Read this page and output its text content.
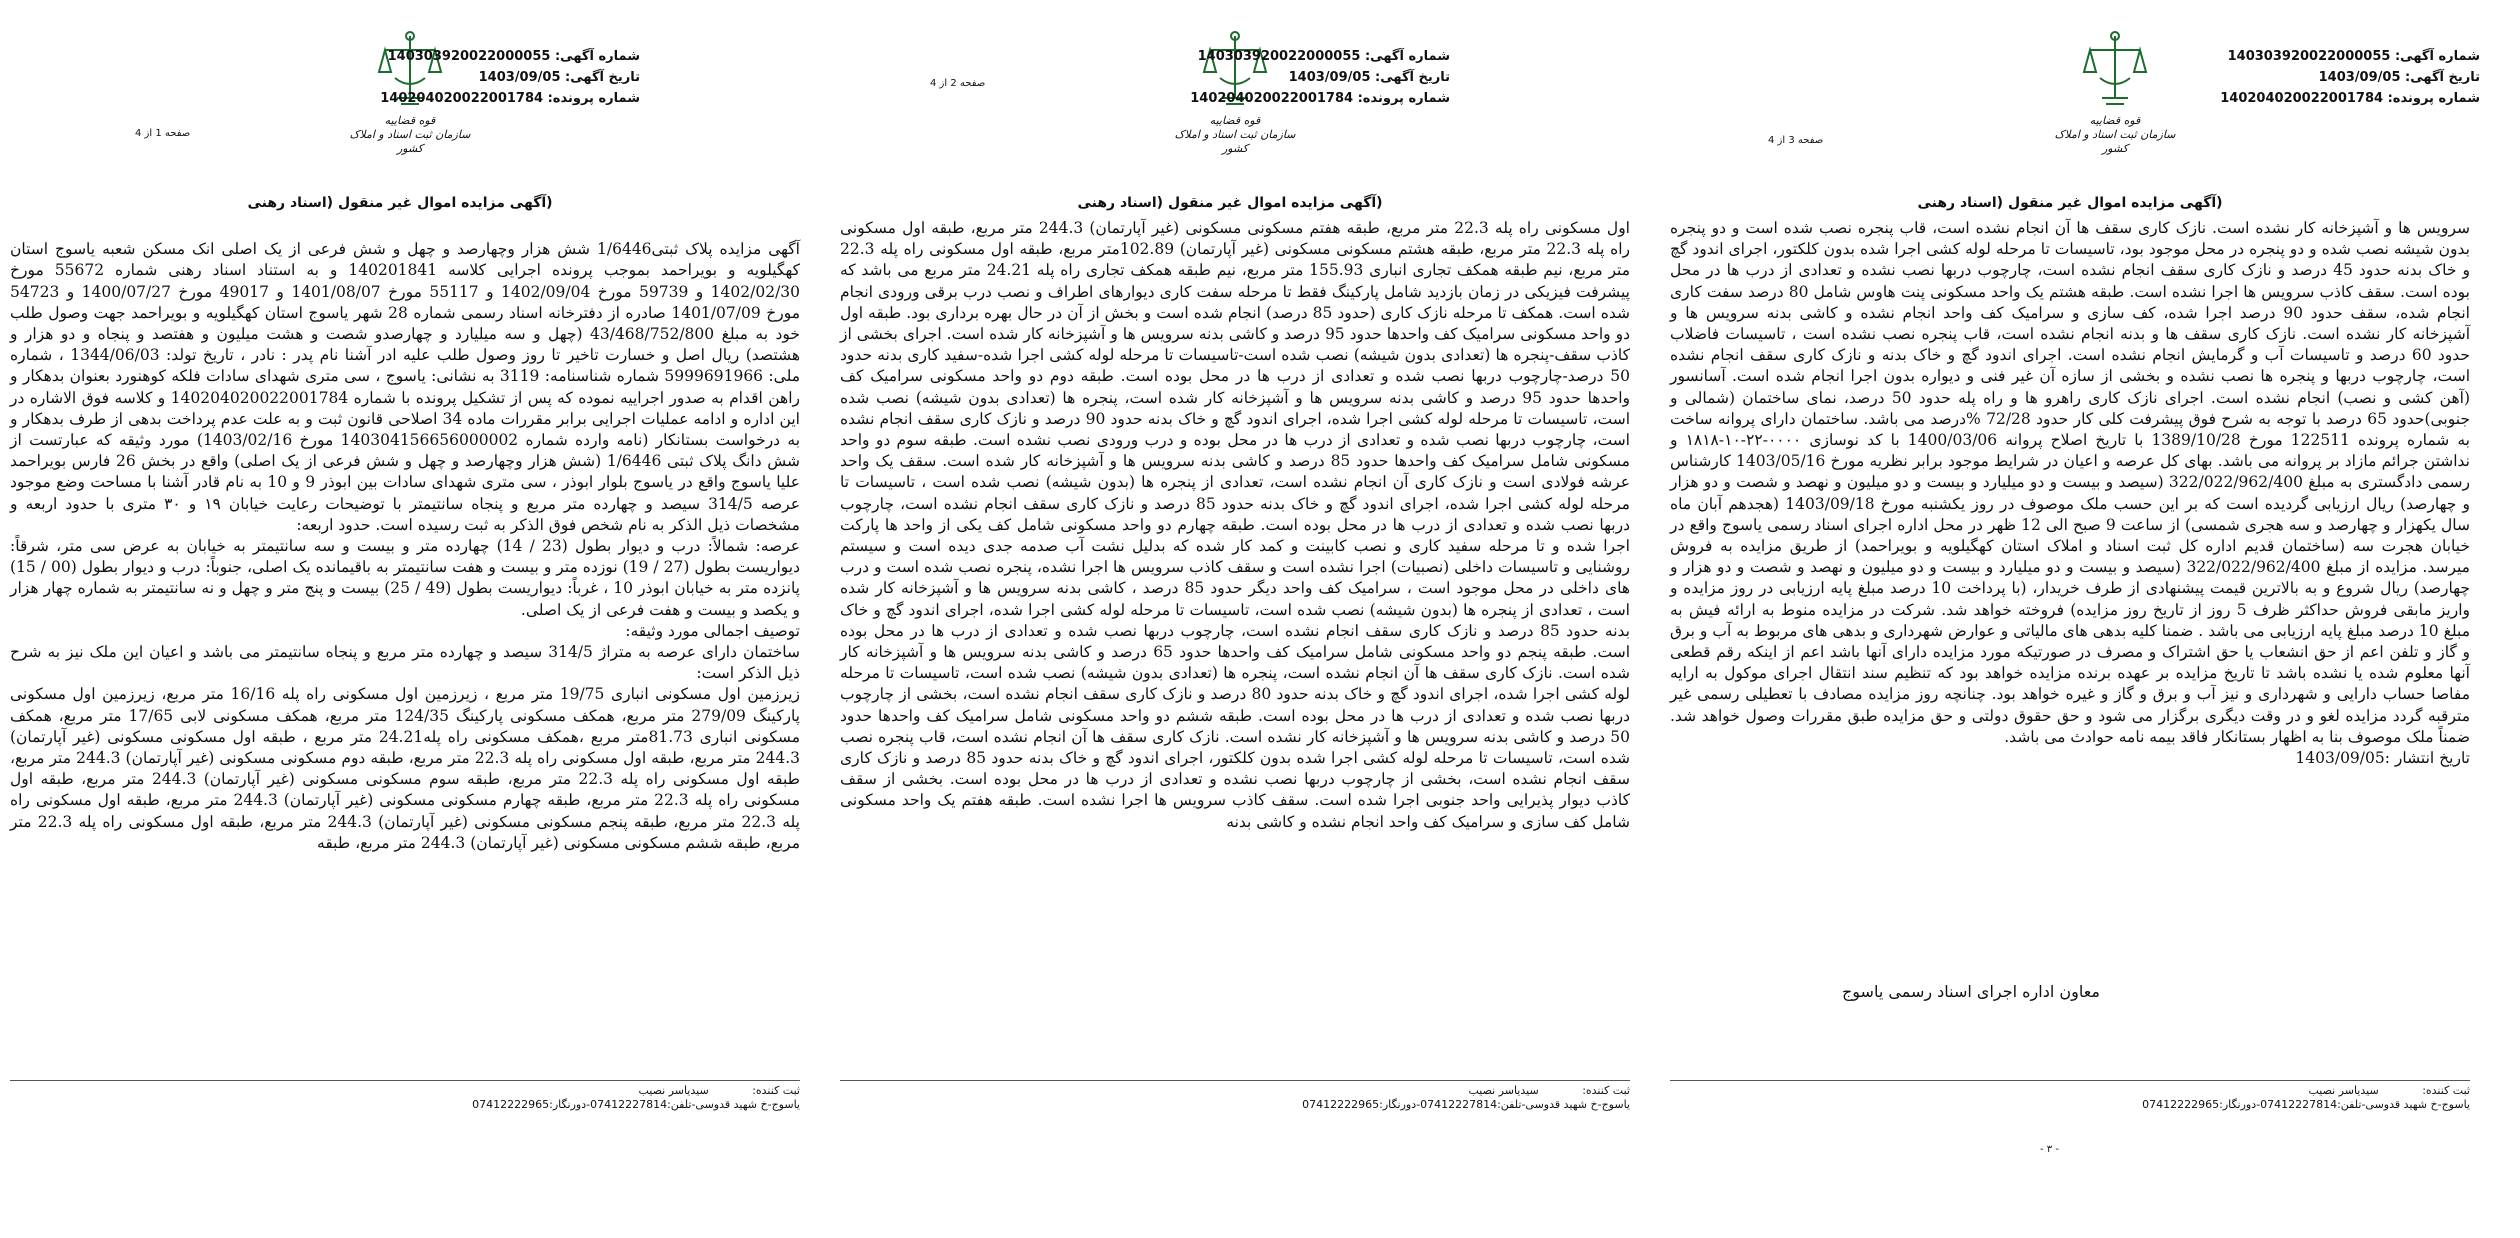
قوه قضاییه
سازمان ثبت اسناد و املاک کشور
شماره آگهی: 140303920022000055
تاریخ آگهی: 1403/09/05
شماره پرونده: 140204020022001784
صفحه 3 از 4
(آگهی مزایده اموال غیر منقول (اسناد رهنی

سرویس ها و آشپزخانه کار نشده است. نازک کاری سقف ها آن انجام نشده است، قاب پنجره نصب شده است و دو پنجره بدون شیشه نصب شده و دو پنجره در محل موجود بود، تاسیسات تا مرحله لوله کشی اجرا شده بدون کلکتور، اجرای اندود گچ و خاک بدنه حدود 45 درصد و نازک کاری سقف انجام نشده است، چارچوب دربها نصب نشده و تعدادی از درب ها در محل بوده است. سقف کاذب سرویس ها اجرا نشده است. طبقه هشتم یک واحد مسکونی پنت هاوس شامل 80 درصد سفت کاری انجام شده، سقف حدود 90 درصد اجرا شده، کف سازی و سرامیک کف واحد انجام نشده و کاشی بدنه سرویس ها و آشپزخانه کار نشده است. نازک کاری سقف ها و بدنه انجام نشده است، قاب پنجره نصب نشده است ، تاسیسات فاضلاب حدود 60 درصد و تاسیسات آب و گرمایش انجام نشده است. اجرای اندود گچ و خاک بدنه و نازک کاری سقف انجام نشده است، چارچوب دربها و پنجره ها نصب نشده و بخشی از سازه آن غیر فنی و دیواره بدون اجرا انجام شده است. آسانسور (آهن کشی و نصب) انجام نشده است. اجرای نازک کاری راهرو ها و راه پله حدود 50 درصد، نمای ساختمان (شمالی و جنوبی)حدود 65 درصد با توجه به شرح فوق پیشرفت کلی کار حدود 72/28 %درصد می باشد. ساختمان دارای پروانه ساخت به شماره پرونده 122511 مورخ 1389/10/28 با تاریخ اصلاح پروانه 1400/03/06 با کد نوسازی ۰۰۰۰-۲۲-۱۰-۱۸۱۸ و نداشتن جرائم مازاد بر پروانه می باشد. بهای کل عرصه و اعیان در شرایط موجود برابر نظریه مورخ 1403/05/16 کارشناس رسمی دادگستری به مبلغ 322/022/962/400 (سیصد و بیست و دو میلیارد و بیست و دو میلیون و نهصد و شصت و دو هزار و چهارصد) ریال ارزیابی گردیده است که بر این حسب ملک موصوف در روز یکشنبه مورخ 1403/09/18 (هجدهم آبان ماه سال یکهزار و چهارصد و سه هجری شمسی) از ساعت 9 صبح الی 12 ظهر در محل اداره اجرای اسناد رسمی یاسوج واقع در خیابان هجرت سه (ساختمان قدیم اداره کل ثبت اسناد و املاک استان کهگیلویه و بویراحمد) از طریق مزایده به فروش میرسد. مزایده از مبلغ 322/022/962/400 (سیصد و بیست و دو میلیارد و بیست و دو میلیون و نهصد و شصت و دو هزار و چهارصد) ریال شروع و به بالاترین قیمت پیشنهادی از طرف خریدار، (با پرداخت 10 درصد مبلغ پایه ارزیابی در روز مزایده و واریز مابقی فروش حداکثر ظرف 5 روز از تاریخ روز مزایده) فروخته خواهد شد. شرکت در مزایده منوط به ارائه فیش به مبلغ 10 درصد مبلغ پایه ارزیابی می باشد . ضمنا کلیه بدهی های مالیاتی و عوارض شهرداری و بدهی های مربوط به آب و برق و گاز و تلفن اعم از حق انشعاب یا حق اشتراک و مصرف در صورتیکه مورد مزایده دارای آنها باشد اعم از اینکه رقم قطعی آنها معلوم شده یا نشده باشد تا تاریخ مزایده بر عهده برنده مزایده خواهد بود که تنظیم سند انتقال اجرای موکول به ارایه مفاصا حساب دارایی و شهرداری و نیز آب و برق و گاز و غیره خواهد بود. چنانچه روز مزایده مصادف با تعطیلی رسمی غیر مترقبه گردد مزایده لغو و در وقت دیگری برگزار می شود و حق حقوق دولتی و حق مزایده طبق مقررات وصول خواهد شد. ضمناً ملک موصوف بنا به اظهار بستانکار فاقد بیمه نامه حوادث می باشد.

تاریخ انتشار :1403/09/05

معاون اداره اجرای اسناد رسمی یاسوج
ثبت کننده: سیدیاسر نصیب
یاسوج-خ شهید قدوسی-تلفن:07412227814-دورنگار:07412222965
- ۳ -
قوه قضاییه
سازمان ثبت اسناد و املاک کشور
شماره آگهی: 140303920022000055
تاریخ آگهی: 1403/09/05
شماره پرونده: 140204020022001784
صفحه 2 از 4
(آگهی مزایده اموال غیر منقول (اسناد رهنی

اول مسکونی راه پله 22.3 متر مربع، طبقه هفتم مسکونی مسکونی (غیر آپارتمان) 244.3 متر مربع، طبقه اول مسکونی راه پله 22.3 متر مربع، طبقه هشتم مسکونی مسکونی (غیر آپارتمان) 102.89متر مربع، طبقه اول مسکونی راه پله 22.3 متر مربع، نیم طبقه همکف تجاری انباری 155.93 متر مربع، نیم طبقه همکف تجاری راه پله 24.21 متر مربع می باشد که پیشرفت فیزیکی در زمان بازدید شامل پارکینگ فقط تا مرحله سفت کاری دیوارهای اطراف و نصب درب برقی ورودی انجام شده است. همکف تا مرحله نازک کاری (حدود 85 درصد) انجام شده است و بخش از آن در حال بهره برداری بود. طبقه اول دو واحد مسکونی سرامیک کف واحدها حدود 95 درصد و کاشی بدنه سرویس ها و آشپزخانه کار شده است. اجرای بخشی از کاذب سقف-پنجره ها (تعدادی بدون شیشه) نصب شده است-تاسیسات تا مرحله لوله کشی اجرا شده-سفید کاری بدنه حدود 50 درصد-چارچوب دربها نصب شده و تعدادی از درب ها در محل بوده است. طبقه دوم دو واحد مسکونی سرامیک کف واحدها حدود 95 درصد و کاشی بدنه سرویس ها و آشپزخانه کار شده است، پنجره ها (تعدادی بدون شیشه) نصب شده است، تاسیسات تا مرحله لوله کشی اجرا شده، اجرای اندود گچ و خاک بدنه حدود 90 درصد و نازک کاری سقف انجام نشده است، چارچوب دربها نصب شده و تعدادی از درب ها در محل بوده و درب ورودی نصب نشده است. طبقه سوم دو واحد مسکونی شامل سرامیک کف واحدها حدود 85 درصد و کاشی بدنه سرویس ها و آشپزخانه کار شده است. سقف یک واحد عرشه فولادی است و نازک کاری آن انجام نشده است، تعدادی از پنجره ها (بدون شیشه) نصب شده است ، تاسیسات تا مرحله لوله کشی اجرا شده، اجرای اندود گچ و خاک بدنه حدود 85 درصد و نازک کاری سقف انجام نشده است، چارچوب دربها نصب شده و تعدادی از درب ها در محل بوده است. طبقه چهارم دو واحد مسکونی شامل کف یکی از واحد ها پارکت اجرا شده و تا مرحله سفید کاری و نصب کابینت و کمد کار شده که بدلیل نشت آب صدمه جدی دیده است و سیستم روشنایی و تاسیسات داخلی (نصبیات) اجرا نشده است و سقف کاذب سرویس ها اجرا نشده، پنجره نصب شده است و درب های داخلی در محل موجود است ، سرامیک کف واحد دیگر حدود 85 درصد ، کاشی بدنه سرویس ها و آشپزخانه کار شده است ، تعدادی از پنجره ها (بدون شیشه) نصب شده است، تاسیسات تا مرحله لوله کشی اجرا شده، اجرای اندود گچ و خاک بدنه حدود 85 درصد و نازک کاری سقف انجام نشده است، چارچوب دربها نصب شده و تعدادی از درب ها در محل بوده است. طبقه پنجم دو واحد مسکونی شامل سرامیک کف واحدها حدود 65 درصد و کاشی بدنه سرویس ها و آشپزخانه کار شده است. نازک کاری سقف ها آن انجام نشده است، پنجره ها (تعدادی بدون شیشه) نصب شده است، تاسیسات تا مرحله لوله کشی اجرا شده، اجرای اندود گچ و خاک بدنه حدود 80 درصد و نازک کاری سقف انجام نشده است، بخشی از چارچوب دربها نصب شده و تعدادی از درب ها در محل بوده است. طبقه ششم دو واحد مسکونی شامل سرامیک کف واحدها حدود 50 درصد و کاشی بدنه سرویس ها و آشپزخانه کار نشده است. نازک کاری سقف ها آن انجام نشده است، قاب پنجره نصب شده است، تاسیسات تا مرحله لوله کشی اجرا شده بدون کلکتور، اجرای اندود گچ و خاک بدنه حدود 85 درصد و نازک کاری سقف انجام نشده است، بخشی از چارچوب دربها نصب نشده و تعدادی از درب ها در محل بوده است. بخشی از سقف کاذب دیوار پذیرایی واحد جنوبی اجرا شده است. سقف کاذب سرویس ها اجرا نشده است. طبقه هفتم یک واحد مسکونی شامل کف سازی و سرامیک کف واحد انجام نشده و کاشی بدنه

ثبت کننده: سیدیاسر نصیب
یاسوج-خ شهید قدوسی-تلفن:07412227814-دورنگار:07412222965
قوه قضاییه
سازمان ثبت اسناد و املاک کشور
شماره آگهی: 140303920022000055
تاریخ آگهی: 1403/09/05
شماره پرونده: 140204020022001784
صفحه 1 از 4
(آگهی مزایده اموال غیر منقول (اسناد رهنی

آگهی مزایده پلاک ثبتی1/6446 شش هزار وچهارصد و چهل و شش فرعی از یک اصلی انک مسکن شعبه یاسوج استان کهگیلویه و بویراحمد بموجب پرونده اجرایی کلاسه 140201841 و به استناد اسناد رهنی شماره 55672 مورخ 1402/02/30 و 59739 مورخ 1402/09/04 و 55117 مورخ 1401/08/07 و 49017 مورخ 1400/07/27 و 54723 مورخ 1401/07/09 صادره از دفترخانه اسناد رسمی شماره 28 شهر یاسوج استان کهگیلویه و بویراحمد جهت وصول طلب خود به مبلغ 43/468/752/800 (چهل و سه میلیارد و چهارصدو شصت و هشت میلیون و هفتصد و پنجاه و دو هزار و هشتصد) ریال اصل و خسارت تاخیر تا روز وصول طلب علیه ادر آشنا نام پدر : نادر ، تاریخ تولد: 1344/06/03 ، شماره ملی: 5999691966 شماره شناسنامه: 3119 به نشانی: یاسوج ، سی متری شهدای سادات فلکه کوهنورد بعنوان بدهکار و راهن اقدام به صدور اجراییه نموده که پس از تشکیل پرونده با شماره 140204020022001784 و کلاسه فوق الاشاره در این اداره و ادامه عملیات اجرایی برابر مقررات ماده 34 اصلاحی قانون ثبت و به علت عدم پرداخت بدهی از طرف بدهکار و به درخواست بستانکار (نامه وارده شماره 140304156656000002 مورخ 1403/02/16) مورد وثیقه که عبارتست از شش دانگ پلاک ثبتی 1/6446 (شش هزار وچهارصد و چهل و شش فرعی از یک اصلی) واقع در بخش 26 فارس بویراحمد علیا یاسوج واقع در یاسوج بلوار ابوذر ، سی متری شهدای سادات بین ابوذر 9 و 10 به نام قادر آشنا با مساحت وضع موجود عرصه 314/5 سیصد و چهارده متر مربع و پنجاه سانتیمتر با توضیحات رعایت خیابان ۱۹ و ۳۰ متری با حدود اربعه و مشخصات ذیل الذکر به نام شخص فوق الذکر به ثبت رسیده است. حدود اربعه:
عرصه: شمالاً: درب و دیوار بطول (23 / 14) چهارده متر و بیست و سه سانتیمتر به خیابان به عرض سی متر، شرقاً: دیواریست بطول (27 / 19) نوزده متر و بیست و هفت سانتیمتر به باقیمانده یک اصلی، جنوباً: درب و دیوار بطول (00 / 15) پانزده متر به خیابان ابوذر 10 ، غرباً: دیواریست بطول (49 / 25) بیست و پنج متر و چهل و نه سانتیمتر به شماره چهار هزار و یکصد و بیست و هفت فرعی از یک اصلی.
توصیف اجمالی مورد وثیقه:
ساختمان دارای عرصه به متراژ 314/5 سیصد و چهارده متر مربع و پنجاه سانتیمتر می باشد و اعیان این ملک نیز به شرح ذیل الذکر است:
زیرزمین اول مسکونی انباری 19/75 متر مربع ، زیرزمین اول مسکونی راه پله 16/16 متر مربع، زیرزمین اول مسکونی پارکینگ 279/09 متر مربع، همکف مسکونی پارکینگ 124/35 متر مربع، همکف مسکونی لابی 17/65 متر مربع، همکف مسکونی انباری 81.73متر مربع ،همکف مسکونی راه پله24.21 متر مربع ، طبقه اول مسکونی مسکونی (غیر آپارتمان) 244.3 متر مربع، طبقه اول مسکونی راه پله 22.3 متر مربع، طبقه دوم مسکونی مسکونی (غیر آپارتمان) 244.3 متر مربع، طبقه اول مسکونی راه پله 22.3 متر مربع، طبقه سوم مسکونی مسکونی (غیر آپارتمان) 244.3 متر مربع، طبقه اول مسکونی راه پله 22.3 متر مربع، طبقه چهارم مسکونی مسکونی (غیر آپارتمان) 244.3 متر مربع، طبقه اول مسکونی راه پله 22.3 متر مربع، طبقه پنجم مسکونی مسکونی (غیر آپارتمان) 244.3 متر مربع، طبقه اول مسکونی راه پله 22.3 متر مربع، طبقه ششم مسکونی مسکونی (غیر آپارتمان) 244.3 متر مربع، طبقه

ثبت کننده: سیدیاسر نصیب
یاسوج-خ شهید قدوسی-تلفن:07412227814-دورنگار:07412222965
